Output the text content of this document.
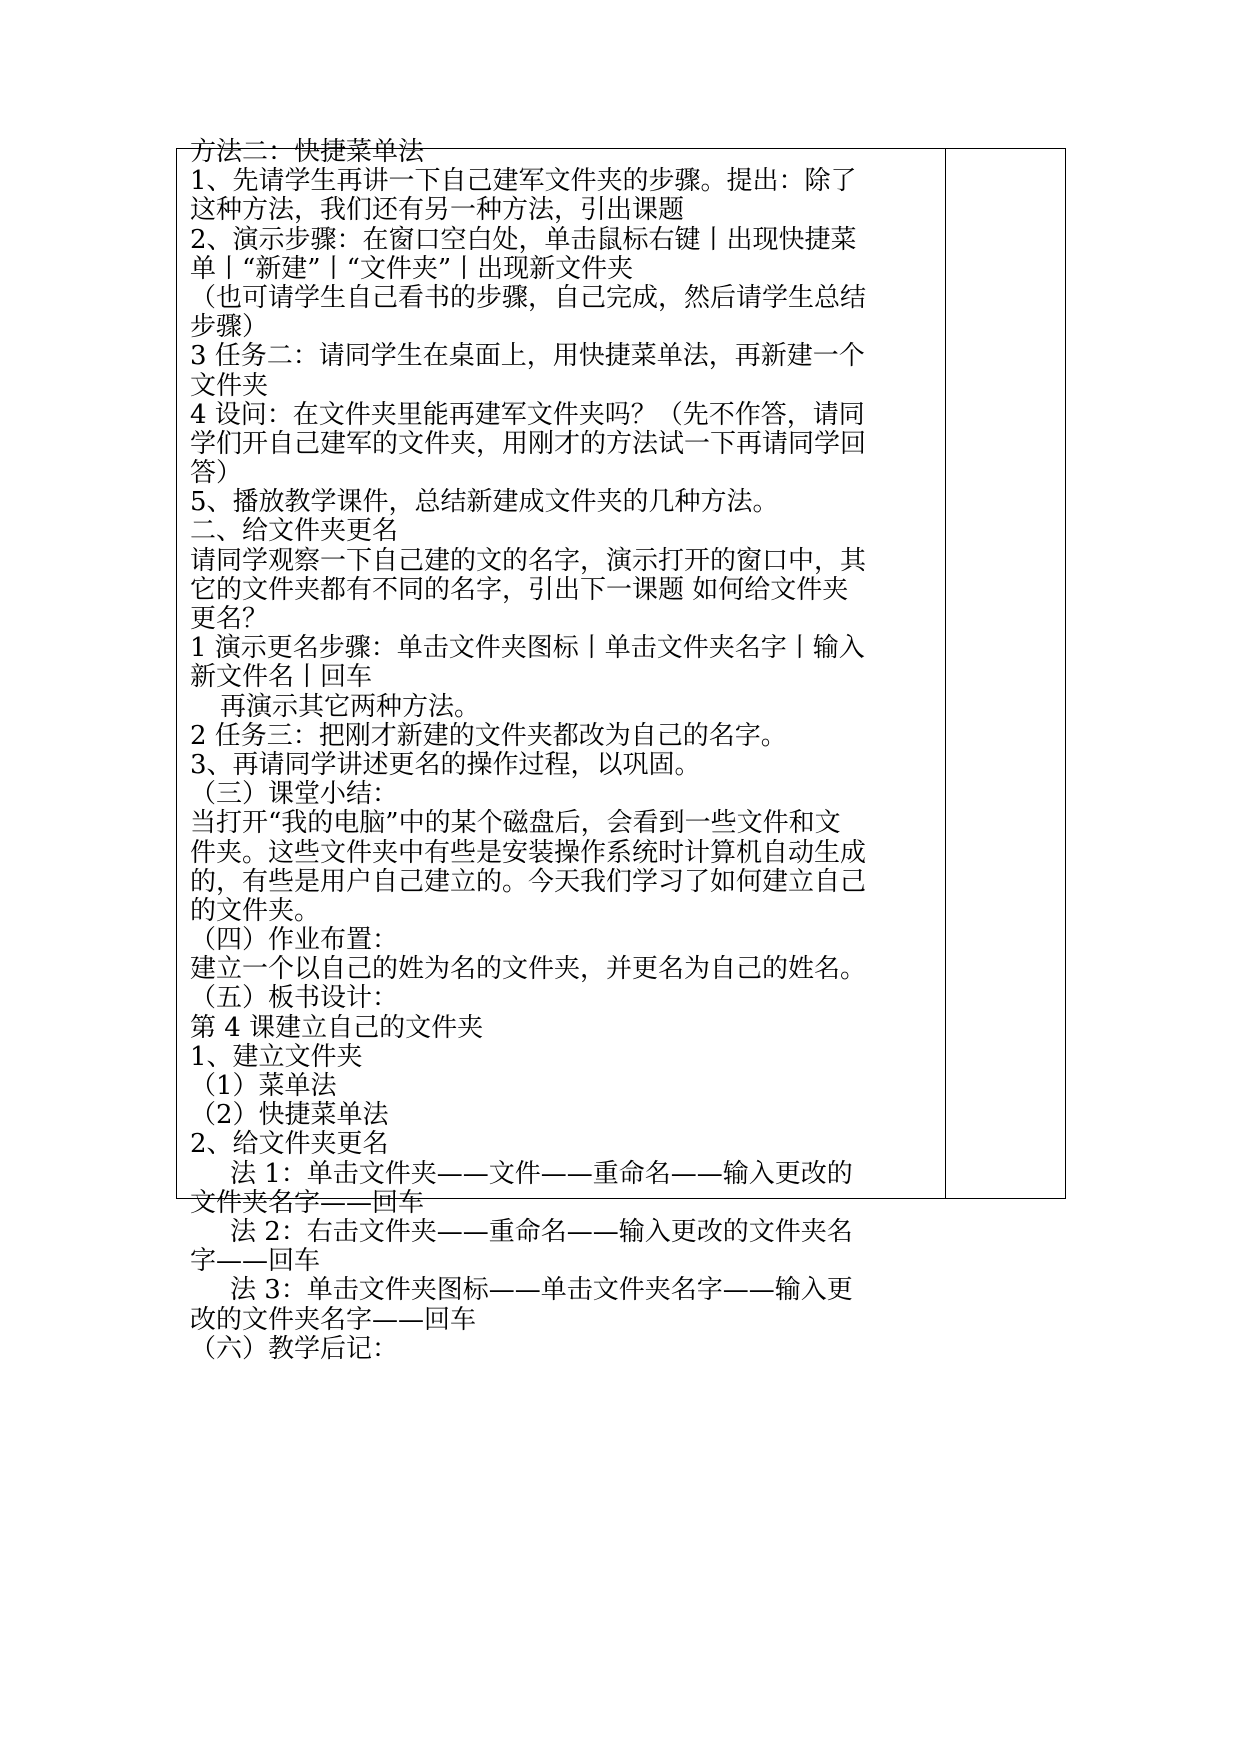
方法二：快捷菜单法
1、先请学生再讲一下自己建军文件夹的步骤。提出：除了
这种方法，我们还有另一种方法，引出课题
2、演示步骤：在窗口空白处，单击鼠标右键丨出现快捷菜
单丨“新建”丨“文件夹”丨出现新文件夹
（也可请学生自己看书的步骤，自己完成，然后请学生总结
步骤）
3 任务二：请同学生在桌面上，用快捷菜单法，再新建一个
文件夹
4 设问：在文件夹里能再建军文件夹吗？（先不作答，请同
学们开自己建军的文件夹，用刚才的方法试一下再请同学回
答）
5、播放教学课件，总结新建成文件夹的几种方法。
二、给文件夹更名
请同学观察一下自己建的文的名字，演示打开的窗口中，其
它的文件夹都有不同的名字，引出下一课题 如何给文件夹
更名？
1 演示更名步骤：单击文件夹图标丨单击文件夹名字丨输入
新文件名丨回车
再演示其它两种方法。
2 任务三：把刚才新建的文件夹都改为自己的名字。
3、再请同学讲述更名的操作过程，以巩固。
（三）课堂小结：
当打开“我的电脑”中的某个磁盘后，会看到一些文件和文
件夹。这些文件夹中有些是安装操作系统时计算机自动生成
的，有些是用户自己建立的。今天我们学习了如何建立自己
的文件夹。
（四）作业布置：
建立一个以自己的姓为名的文件夹，并更名为自己的姓名。
（五）板书设计：
第 4 课建立自己的文件夹
1、建立文件夹
（1）菜单法
（2）快捷菜单法
2、给文件夹更名
法 1：单击文件夹——文件——重命名——输入更改的
文件夹名字——回车
法 2：右击文件夹——重命名——输入更改的文件夹名
字——回车
法 3：单击文件夹图标——单击文件夹名字——输入更
改的文件夹名字——回车
（六）教学后记：
